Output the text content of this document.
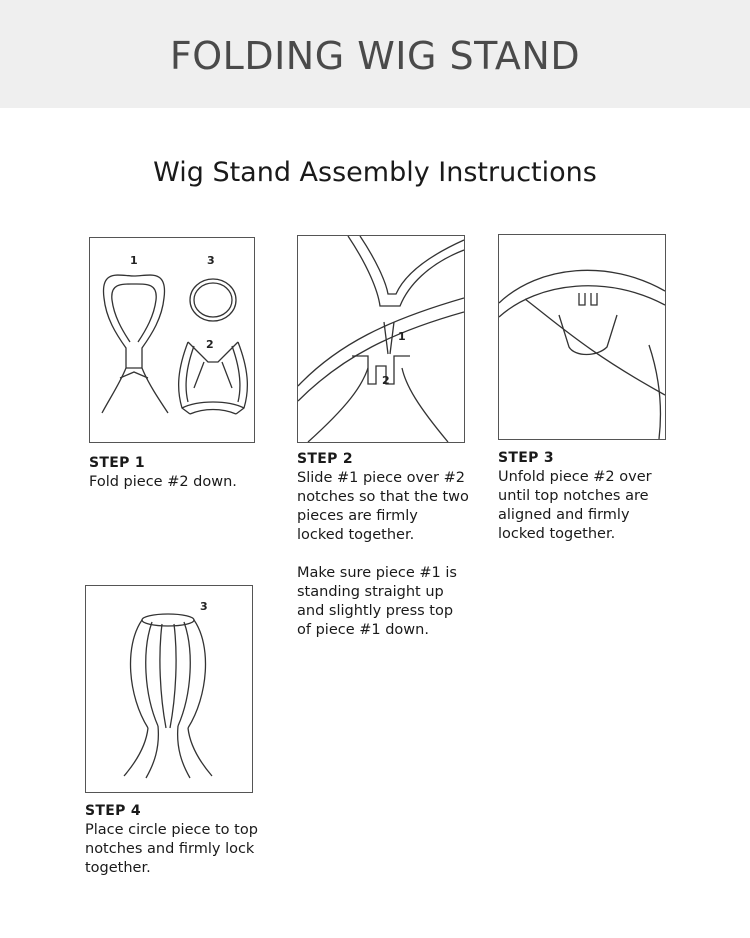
FOLDING WIG STAND
Wig Stand Assembly Instructions
1	3
2
1
2
3

STEP 1

Fold piece #2 down.

STEP 2

Slide #1 piece over #2 notches so that the two pieces are firmly locked together.

Make sure piece #1 is standing straight up and slightly press top of piece #1 down.

STEP 3

Unfold piece #2 over until top notches are aligned and firmly locked together.

STEP 4

Place circle piece to top notches and firmly lock together.
